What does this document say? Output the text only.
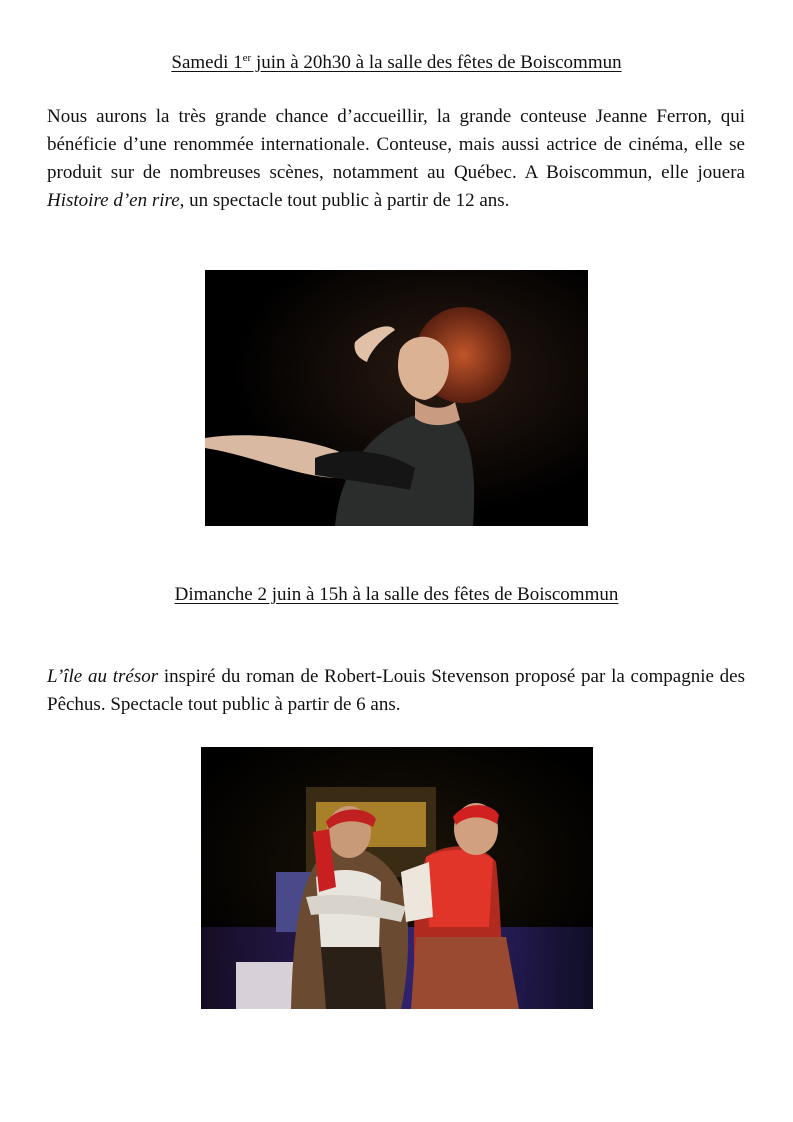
Samedi 1er juin à 20h30 à la salle des fêtes de Boiscommun

Nous aurons la très grande chance d’accueillir, la grande conteuse Jeanne Ferron, qui bénéficie d’une renommée internationale. Conteuse, mais aussi actrice de cinéma, elle se produit sur de nombreuses scènes, notamment au Québec. A Boiscommun, elle jouera Histoire d’en rire, un spectacle tout public à partir de 12 ans.

Dimanche 2 juin à 15h à la salle des fêtes de Boiscommun

L’île au trésor inspiré du roman de Robert-Louis Stevenson proposé par la compagnie des Pêchus. Spectacle tout public à partir de 6 ans.
